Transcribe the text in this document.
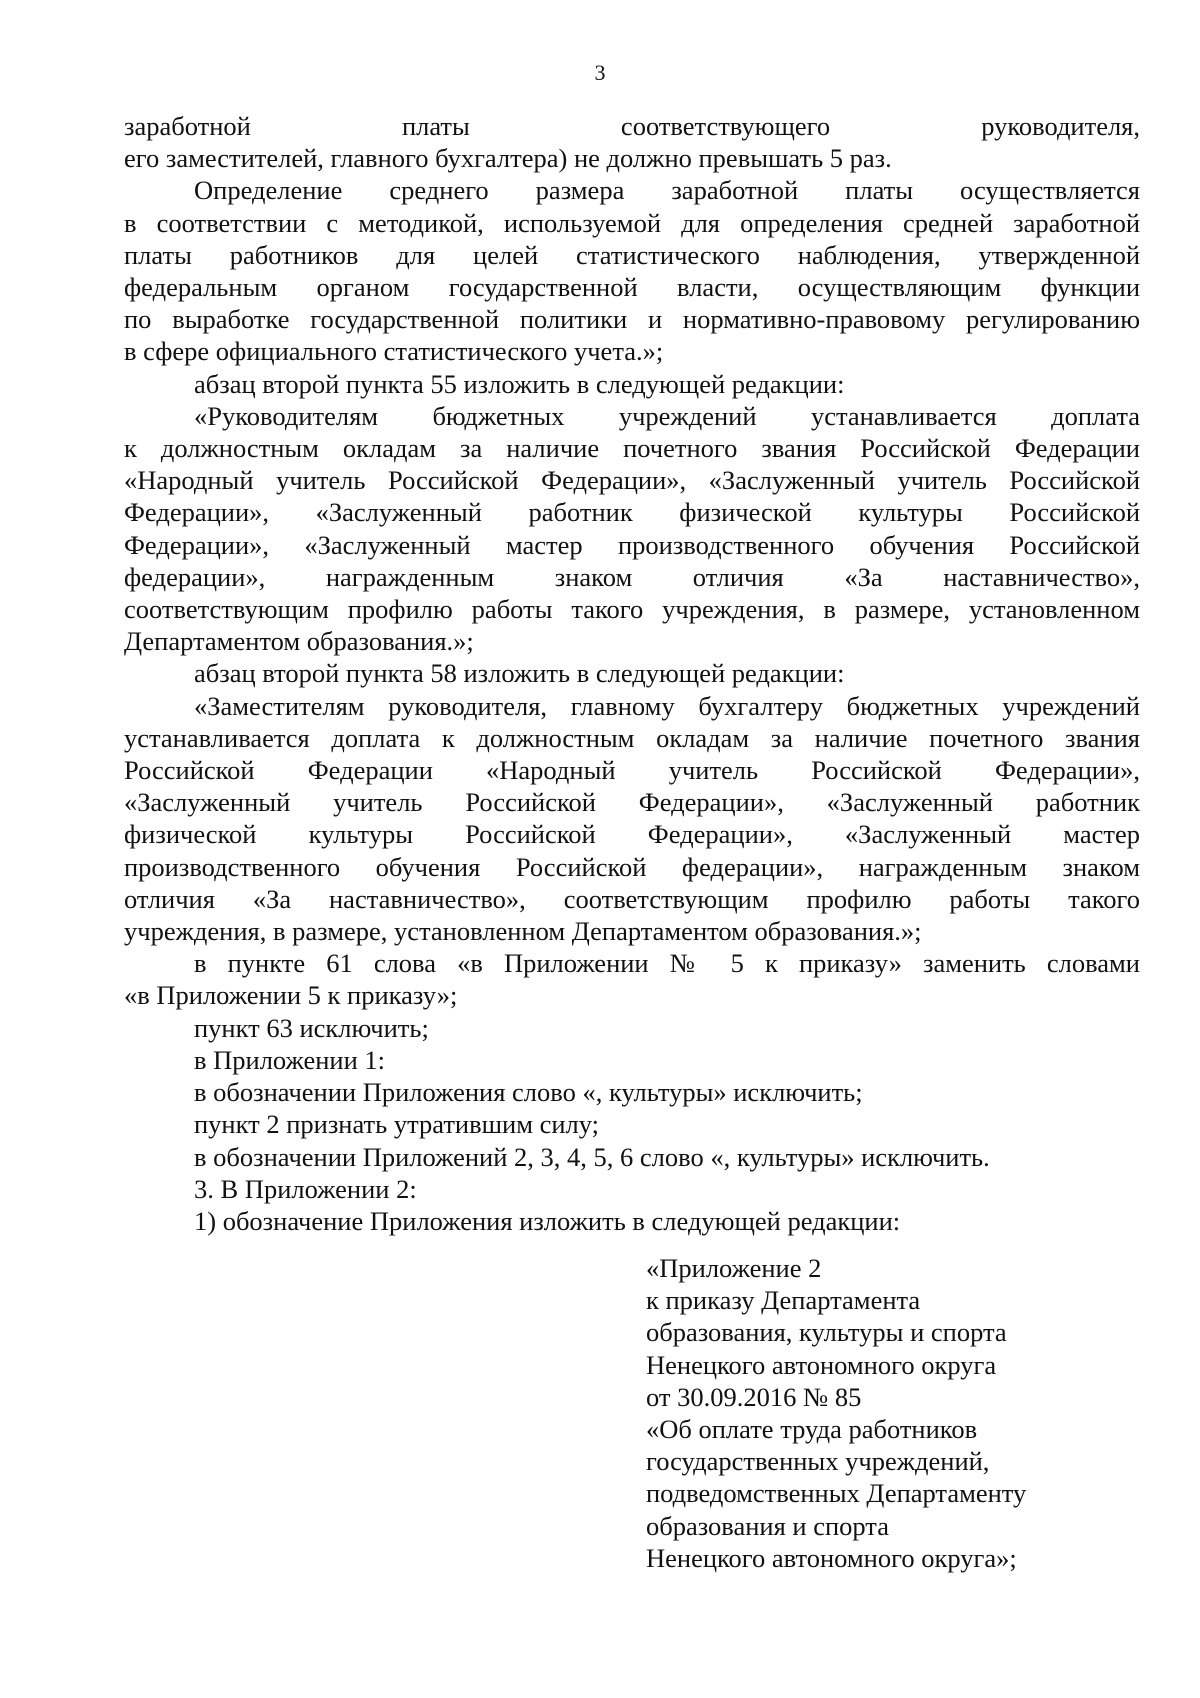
3
заработной платы соответствующего руководителя,
его заместителей, главного бухгалтера) не должно превышать 5 раз.
Определение среднего размера заработной платы осуществляется
в соответствии с методикой, используемой для определения средней заработной
платы работников для целей статистического наблюдения, утвержденной
федеральным органом государственной власти, осуществляющим функции
по выработке государственной политики и нормативно-правовому регулированию
в сфере официального статистического учета.»;
абзац второй пункта 55 изложить в следующей редакции:
«Руководителям бюджетных учреждений устанавливается доплата
к должностным окладам за наличие почетного звания Российской Федерации
«Народный учитель Российской Федерации», «Заслуженный учитель Российской
Федерации», «Заслуженный работник физической культуры Российской
Федерации», «Заслуженный мастер производственного обучения Российской
федерации», награжденным знаком отличия «За наставничество»,
соответствующим профилю работы такого учреждения, в размере, установленном
Департаментом образования.»;
абзац второй пункта 58 изложить в следующей редакции:
«Заместителям руководителя, главному бухгалтеру бюджетных учреждений
устанавливается доплата к должностным окладам за наличие почетного звания
Российской Федерации «Народный учитель Российской Федерации»,
«Заслуженный учитель Российской Федерации», «Заслуженный работник
физической культуры Российской Федерации», «Заслуженный мастер
производственного обучения Российской федерации», награжденным знаком
отличия «За наставничество», соответствующим профилю работы такого
учреждения, в размере, установленном Департаментом образования.»;
в пункте 61 слова «в Приложении № 5 к приказу» заменить словами
«в Приложении 5 к приказу»;
пункт 63 исключить;
в Приложении 1:
в обозначении Приложения слово «, культуры» исключить;
пункт 2 признать утратившим силу;
в обозначении Приложений 2, 3, 4, 5, 6 слово «, культуры» исключить.
3. В Приложении 2:
1) обозначение Приложения изложить в следующей редакции:
«Приложение 2
к приказу Департамента
образования, культуры и спорта
Ненецкого автономного округа
от 30.09.2016 № 85
«Об оплате труда работников
государственных учреждений,
подведомственных Департаменту
образования и спорта
Ненецкого автономного округа»;
